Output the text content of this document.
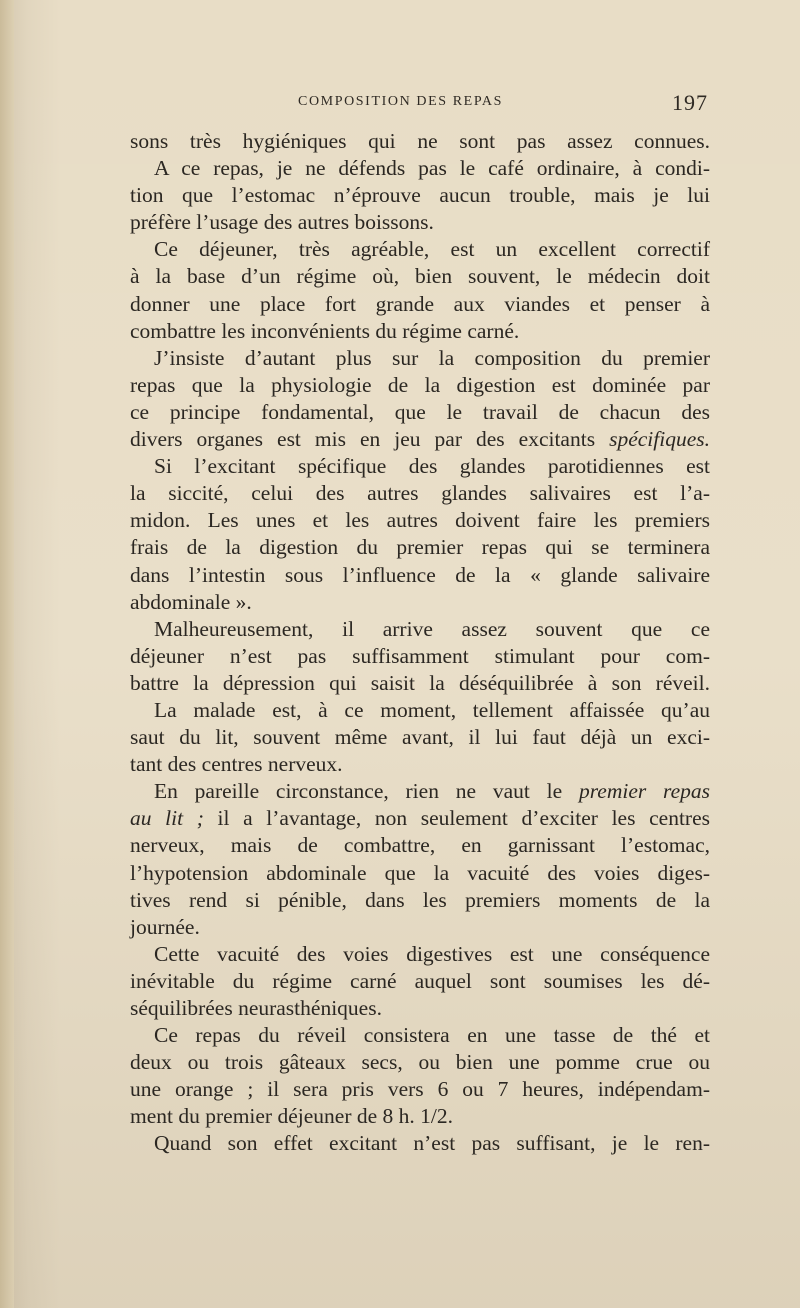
COMPOSITION DES REPAS	197
sons très hygiéniques qui ne sont pas assez connues.
A ce repas, je ne défends pas le café ordinaire, à condi-
tion que l’estomac n’éprouve aucun trouble, mais je lui
préfère l’usage des autres boissons.
Ce déjeuner, très agréable, est un excellent correctif
à la base d’un régime où, bien souvent, le médecin doit
donner une place fort grande aux viandes et penser à
combattre les inconvénients du régime carné.
J’insiste d’autant plus sur la composition du premier
repas que la physiologie de la digestion est dominée par
ce principe fondamental, que le travail de chacun des
divers organes est mis en jeu par des excitants spécifiques.
Si l’excitant spécifique des glandes parotidiennes est
la siccité, celui des autres glandes salivaires est l’a-
midon. Les unes et les autres doivent faire les premiers
frais de la digestion du premier repas qui se terminera
dans l’intestin sous l’influence de la « glande salivaire
abdominale ».
Malheureusement, il arrive assez souvent que ce
déjeuner n’est pas suffisamment stimulant pour com-
battre la dépression qui saisit la déséquilibrée à son réveil.
La malade est, à ce moment, tellement affaissée qu’au
saut du lit, souvent même avant, il lui faut déjà un exci-
tant des centres nerveux.
En pareille circonstance, rien ne vaut le premier repas
au lit ; il a l’avantage, non seulement d’exciter les centres
nerveux, mais de combattre, en garnissant l’estomac,
l’hypotension abdominale que la vacuité des voies diges-
tives rend si pénible, dans les premiers moments de la
journée.
Cette vacuité des voies digestives est une conséquence
inévitable du régime carné auquel sont soumises les dé-
séquilibrées neurasthéniques.
Ce repas du réveil consistera en une tasse de thé et
deux ou trois gâteaux secs, ou bien une pomme crue ou
une orange ; il sera pris vers 6 ou 7 heures, indépendam-
ment du premier déjeuner de 8 h. 1/2.
Quand son effet excitant n’est pas suffisant, je le ren-
